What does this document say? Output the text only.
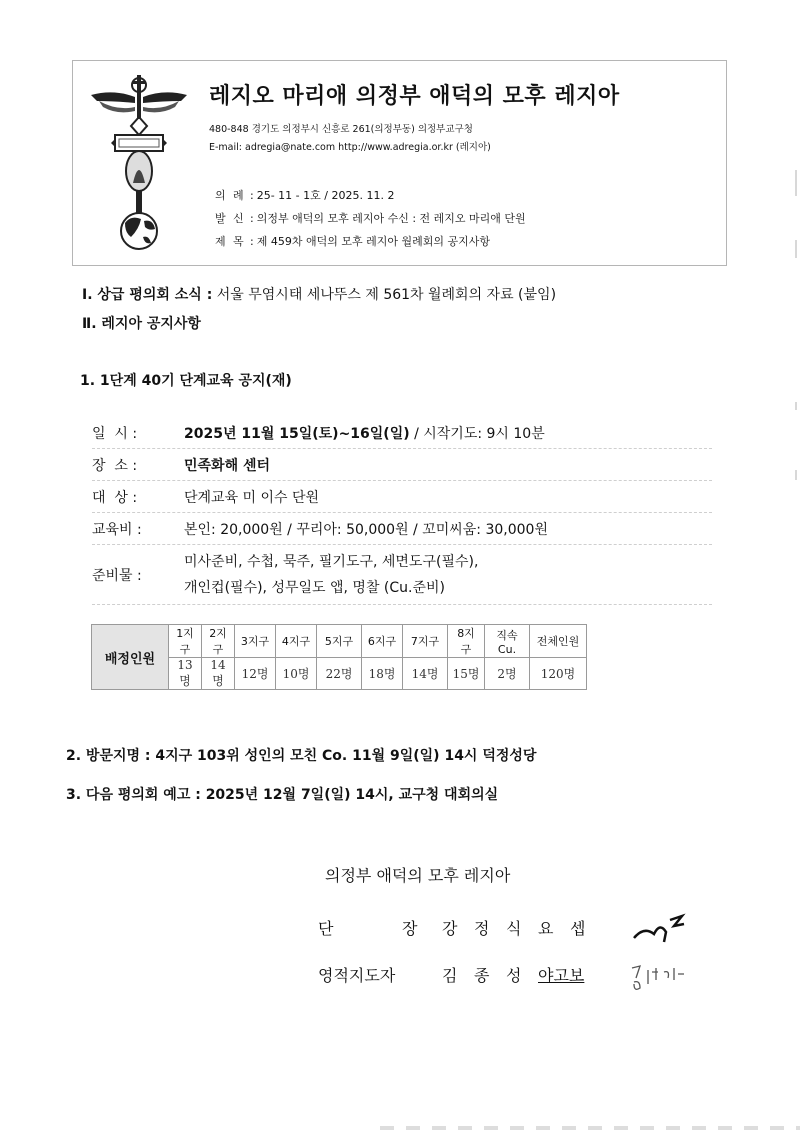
레지오 마리애 의정부 애덕의 모후 레지아
480-848 경기도 의정부시 신흥로 261(의정부동) 의정부교구청
E-mail: adregia@nate.com http://www.adregia.or.kr (레지아)
의 례 : 25- 11 - 1호 / 2025. 11. 2
발 신 : 의정부 애덕의 모후 레지아 수신 : 전 레지오 마리애 단원
제 목 : 제 459차 애덕의 모후 레지아 월례회의 공지사항
Ⅰ. 상급 평의회 소식 : 서울 무염시태 세나뚜스 제 561차 월례회의 자료 (붙임)
Ⅱ. 레지아 공지사항
1. 1단계 40기 단계교육 공지(재)
일  시 :	2025년 11월 15일(토)~16일(일) / 시작기도: 9시 10분
장  소 :	민족화해 센터
대  상 :	단계교육 미 이수 단원
교육비 :	본인: 20,000원 / 꾸리아: 50,000원 / 꼬미씨움: 30,000원
준비물 :
미사준비, 수첩, 묵주, 필기도구, 세면도구(필수),
개인컵(필수), 성무일도 앱, 명찰 (Cu.준비)
배정인원	1지구	2지구	3지구	4지구	5지구	6지구	7지구	8지구	직속Cu.	전체인원
	13명	14명	12명	10명	22명	18명	14명	15명	2명	120명
2. 방문지명 : 4지구 103위 성인의 모친 Co. 11월 9일(일) 14시 덕정성당
3. 다음 평의회 예고 : 2025년 12월 7일(일) 14시, 교구청 대회의실
의정부 애덕의 모후 레지아
단	장	강	정	식	요	셉
영적지도자	김	종	성	야고보
